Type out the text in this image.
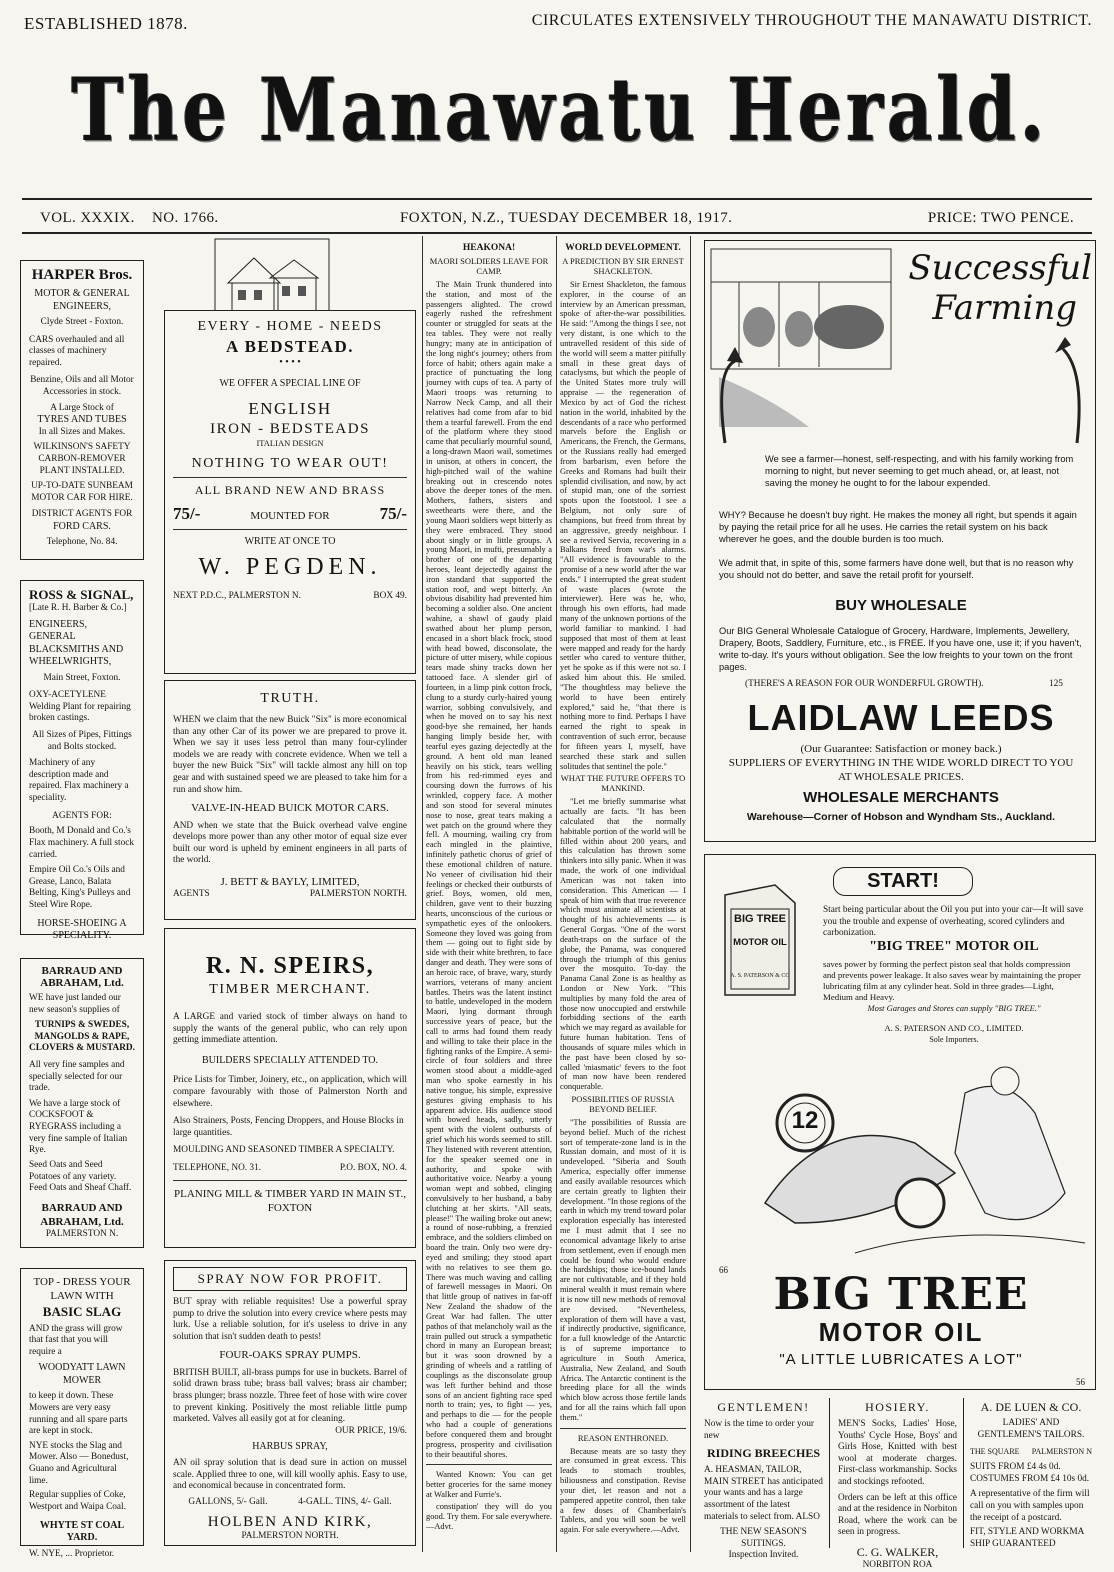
ESTABLISHED 1878.	CIRCULATES EXTENSIVELY THROUGHOUT THE MANAWATU DISTRICT.
The Manawatu Herald.
VOL. XXXIX. NO. 1766.	FOXTON, N.Z., TUESDAY DECEMBER 18, 1917.	PRICE: TWO PENCE.
HARPER Bros.
MOTOR & GENERAL ENGINEERS,
Clyde Street - Foxton.
CARS overhauled and all classes of machinery repaired.
Benzine, Oils and all Motor Accessories in stock.
A Large Stock of
TYRES AND TUBES
In all Sizes and Makes.
WILKINSON'S SAFETY CARBON-REMOVER PLANT INSTALLED.
UP-TO-DATE SUNBEAM MOTOR CAR FOR HIRE.
DISTRICT AGENTS FOR
FORD CARS.
Telephone, No. 84.
ROSS & SIGNAL,
[Late R. H. Barber & Co.]
ENGINEERS, GENERAL BLACKSMITHS AND WHEELWRIGHTS,
Main Street, Foxton.
OXY-ACETYLENE Welding Plant for repairing broken castings.
All Sizes of Pipes, Fittings and Bolts stocked.
Machinery of any description made and repaired. Flax machinery a speciality.
AGENTS FOR:
Booth, M Donald and Co.'s Flax machinery. A full stock carried.
Empire Oil Co.'s Oils and Grease, Lanco, Balata Belting, King's Pulleys and Steel Wire Rope.
HORSE-SHOEING A SPECIALITY.
BARRAUD AND ABRAHAM, Ltd.
WE have just landed our new season's supplies of
TURNIPS & SWEDES, MANGOLDS & RAPE, CLOVERS & MUSTARD.
All very fine samples and specially selected for our trade.
We have a large stock of COCKSFOOT & RYEGRASS including a very fine sample of Italian Rye.
Seed Oats and Seed Potatoes of any variety.
Feed Oats and Sheaf Chaff.
BARRAUD AND ABRAHAM, Ltd.
PALMERSTON N.
TOP - DRESS YOUR LAWN WITH
BASIC SLAG
AND the grass will grow that fast that you will require a
WOODYATT LAWN MOWER
to keep it down. These Mowers are very easy running and all spare parts are kept in stock.
NYE stocks the Slag and Mower. Also — Bonedust, Guano and Agricultural lime.
Regular supplies of Coke, Westport and Waipa Coal.
WHYTE ST COAL YARD.
W. NYE, ... Proprietor.
EVERY - HOME - NEEDS
A BEDSTEAD.
• • • •
WE OFFER A SPECIAL LINE OF
ENGLISH
IRON - BEDSTEADS
ITALIAN DESIGN
NOTHING TO WEAR OUT!
ALL BRAND NEW AND BRASS
75/-	MOUNTED FOR	75/-
WRITE AT ONCE TO
W. PEGDEN.
NEXT P.D.C., PALMERSTON N.	BOX 49.
TRUTH.
WHEN we claim that the new Buick "Six" is more economical than any other Car of its power we are prepared to prove it. When we say it uses less petrol than many four-cylinder models we are ready with concrete evidence. When we tell a buyer the new Buick "Six" will tackle almost any hill on top gear and with sustained speed we are pleased to take him for a run and show him.
VALVE-IN-HEAD BUICK MOTOR CARS.
AND when we state that the Buick overhead valve engine develops more power than any other motor of equal size ever built our word is upheld by eminent engineers in all parts of the world.
J. BETT & BAYLY, LIMITED,
AGENTS	PALMERSTON NORTH.
R. N. SPEIRS,
TIMBER MERCHANT.
A LARGE and varied stock of timber always on hand to supply the wants of the general public, who can rely upon getting immediate attention.
BUILDERS SPECIALLY ATTENDED TO.
Price Lists for Timber, Joinery, etc., on application, which will compare favourably with those of Palmerston North and elsewhere.
Also Strainers, Posts, Fencing Droppers, and House Blocks in large quantities.
MOULDING AND SEASONED TIMBER A SPECIALTY.
TELEPHONE, NO. 31.	P.O. BOX, NO. 4.
PLANING MILL & TIMBER YARD IN MAIN ST., FOXTON
SPRAY NOW FOR PROFIT.
BUT spray with reliable requisites! Use a powerful spray pump to drive the solution into every crevice where pests may lurk. Use a reliable solution, for it's useless to drive in any solution that isn't sudden death to pests!
FOUR-OAKS SPRAY PUMPS.
BRITISH BUILT, all-brass pumps for use in buckets. Barrel of solid drawn brass tube; brass ball valves; brass air chamber; brass plunger; brass nozzle. Three feet of hose with wire cover to prevent kinking. Positively the most reliable little pump marketed. Valves all easily got at for cleaning.
OUR PRICE, 19/6.
HARBUS SPRAY,
AN oil spray solution that is dead sure in action on mussel scale. Applied three to one, will kill woolly aphis. Easy to use, and economical because in concentrated form.
GALLONS, 5/- Gall.	4-GALL. TINS, 4/- Gall.
HOLBEN AND KIRK,
PALMERSTON NORTH.
HEAKONA!
MAORI SOLDIERS LEAVE FOR CAMP.

The Main Trunk thundered into the station, and most of the passengers alighted. The crowd eagerly rushed the refreshment counter or struggled for seats at the tea tables. They were not really hungry; many ate in anticipation of the long night's journey; others from force of habit; others again make a practice of punctuating the long journey with cups of tea. A party of Maori troops was returning to Narrow Neck Camp, and all their relatives had come from afar to bid them a tearful farewell. From the end of the platform where they stood came that peculiarly mournful sound, a long-drawn Maori wail, sometimes in unison, at others in concert, the high-pitched wail of the wahine breaking out in crescendo notes above the deeper tones of the men. Mothers, fathers, sisters and sweethearts were there, and the young Maori soldiers wept bitterly as they were embraced. They stood about singly or in little groups. A young Maori, in mufti, presumably a brother of one of the departing heroes, leant dejectedly against the iron standard that supported the station roof, and wept bitterly. An obvious disability had prevented him becoming a soldier also. One ancient wahine, a shawl of gaudy plaid swathed about her plump person, encased in a short black frock, stood with head bowed, disconsolate, the picture of utter misery, while copious tears made shiny tracks down her tattooed face. A slender girl of fourteen, in a limp pink cotton frock, clung to a sturdy curly-haired young warrior, sobbing convulsively, and when he moved on to say his next good-bye she remained, her hands hanging limply beside her, with tearful eyes gazing dejectedly at the ground. A bent old man leaned heavily on his stick, tears welling from his red-rimmed eyes and coursing down the furrows of his wrinkled, coppery face. A mother and son stood for several minutes nose to nose, great tears making a wet patch on the ground where they fell. A mourning, wailing cry from each mingled in the plaintive, infinitely pathetic chorus of grief of these emotional children of nature. No veneer of civilisation hid their feelings or checked their outbursts of grief. Boys, women, old men, children, gave vent to their buzzing hearts, unconscious of the curious or sympathetic eyes of the onlookers. Someone they loved was going from them — going out to fight side by side with their white brethren, to face danger and death. They were sons of an heroic race, of brave, wary, sturdy warriors, veterans of many ancient battles. Theirs was the latent instinct to battle, undeveloped in the modern Maori, lying dormant through successive years of peace, but the call to arms had found them ready and willing to take their place in the fighting ranks of the Empire. A semi-circle of four soldiers and three women stood about a middle-aged man who spoke earnestly in his native tongue, his simple, expressive gestures giving emphasis to his apparent advice. His audience stood with bowed heads, sadly, utterly spent with the violent outbursts of grief which his words seemed to still. They listened with reverent attention, for the speaker seemed one in authority, and spoke with authoritative voice. Nearby a young woman wept and sobbed, clinging convulsively to her husband, a baby clutching at her skirts. "All seats, please!" The wailing broke out anew; a round of nose-rubbing, a frenzied embrace, and the soldiers climbed on board the train. Only two were dry-eyed and smiling; they stood apart with no relatives to see them go. There was much waving and calling of farewell messages in Maori. On that little group of natives in far-off New Zealand the shadow of the Great War had fallen. The utter pathos of that melancholy wail as the train pulled out struck a sympathetic chord in many an European breast; but it was soon drowned by a grinding of wheels and a rattling of couplings as the disconsolate group was left further behind and those sons of an ancient fighting race sped north to train; yes, to fight — yes, and perhaps to die — for the people who had a couple of generations before conquered them and brought progress, prosperity and civilisation to their beautiful shores.

Wanted Known: You can get better groceries for the same money at Walker and Furrie's.

constipation' they will do you good. Try them. For sale everywhere.—Advt.

WORLD DEVELOPMENT.
A PREDICTION BY SIR ERNEST SHACKLETON.

Sir Ernest Shackleton, the famous explorer, in the course of an interview by an American pressman, spoke of after-the-war possibilities. He said: "Among the things I see, not very distant, is one which to the untravelled resident of this side of the world will seem a matter pitifully small in these great days of cataclysms, but which the people of the United States more truly will appraise — the regeneration of Mexico by act of God the richest nation in the world, inhabited by the descendants of a race who performed marvels before the English or Americans, the French, the Germans, or the Russians really had emerged from barbarism, even before the Greeks and Romans had built their splendid civilisation, and now, by act of stupid man, one of the sorriest spots upon the footstool. I see a Belgium, not only sure of champions, but freed from threat by an aggressive, greedy neighbour. I see a revived Servia, recovering in a Balkans freed from war's alarms. "All evidence is favourable to the promise of a new world after the war ends." I interrupted the great student of waste places (wrote the interviewer). Here was he, who, through his own efforts, had made many of the unknown portions of the world familiar to mankind. I had supposed that most of them at least were mapped and ready for the hardy settler who cared to venture thither, yet he spoke as if this were not so. I asked him about this. He smiled. "The thoughtless may believe the world to have been entirely explored," said he, "that there is nothing more to find. Perhaps I have earned the right to speak in contravention of such error, because for fifteen years I, myself, have searched these stark and sullen solitudes that sentinel the pole."

WHAT THE FUTURE OFFERS TO MANKIND.

"Let me briefly summarise what actually are facts. "It has been calculated that the normally habitable portion of the world will be filled within about 200 years, and this calculation has thrown some thinkers into silly panic. When it was made, the work of one individual American was not taken into consideration. This American — I speak of him with that true reverence which must animate all scientists at thought of his achievements — is General Gorgas. "One of the worst death-traps on the surface of the globe, the Panama, was conquered through the triumph of this genius over the mosquito. To-day the Panama Canal Zone is as healthy as London or New York. "This multiplies by many fold the area of those now unoccupied and erstwhile forbidding sections of the earth which we may regard as available for future human habitation. Tens of thousands of square miles which in the past have been closed by so-called 'miasmatic' fevers to the foot of man now have been rendered conquerable.

POSSIBILITIES OF RUSSIA BEYOND BELIEF.

"The possibilities of Russia are beyond belief. Much of the richest sort of temperate-zone land is in the Russian domain, and most of it is undeveloped. "Siberia and South America, especially offer immense and easily available resources which are certain greatly to lighten their development. "In those regions of the earth in which my trend toward polar exploration especially has interested me I must admit that I see no economical advantage likely to arise from settlement, even if enough men could be found who would endure the hardships; those ice-bound lands are not cultivatable, and if they hold mineral wealth it must remain where it is now till new methods of removal are devised. "Nevertheless, exploration of them will have a vast, if indirectly productive, significance, for a full knowledge of the Antarctic is of supreme importance to agriculture in South America, Australia, New Zealand, and South Africa. The Antarctic continent is the breeding place for all the winds which blow across those fertile lands and for all the rains which fall upon them."

REASON ENTHRONED.

Because meats are so tasty they are consumed in great excess. This leads to stomach troubles, biliousness and constipation. Revise your diet, let reason and not a pampered appetite control, then take a few doses of Chamberlain's Tablets, and you will soon be well again. For sale everywhere.—Advt.

Successful
Farming
We see a farmer—honest, self-respecting, and with his family working from morning to night, but never seeming to get much ahead, or, at least, not saving the money he ought to for the labour expended.
WHY? Because he doesn't buy right. He makes the money all right, but spends it again by paying the retail price for all he uses. He carries the retail system on his back wherever he goes, and the double burden is too much.
We admit that, in spite of this, some farmers have done well, but that is no reason why you should not do better, and save the retail profit for yourself.
BUY WHOLESALE
Our BIG General Wholesale Catalogue of Grocery, Hardware, Implements, Jewellery, Drapery, Boots, Saddlery, Furniture, etc., is FREE. If you have one, use it; if you haven't, write to-day. It's yours without obligation. See the low freights to your town on the front pages.
(THERE'S A REASON FOR OUR WONDERFUL GROWTH).	125
LAIDLAW LEEDS
(Our Guarantee: Satisfaction or money back.)
SUPPLIERS OF EVERYTHING IN THE WIDE WORLD DIRECT TO YOU AT WHOLESALE PRICES.
WHOLESALE MERCHANTS
Warehouse—Corner of Hobson and Wyndham Sts., Auckland.
START!
BIG TREE
MOTOR OIL
A. S. PATERSON & CO
Start being particular about the Oil you put into your car—It will save you the trouble and expense of overheating, scored cylinders and carbonization.
"BIG TREE" MOTOR OIL
saves power by forming the perfect piston seal that holds compression and prevents power leakage. It also saves wear by maintaining the proper lubricating film at any cylinder heat. Sold in three grades—Light, Medium and Heavy.
Most Garages and Stores can supply "BIG TREE."
A. S. PATERSON AND CO., LIMITED.
Sole Importers.
12
66	BIG TREE
MOTOR OIL
"A LITTLE LUBRICATES A LOT"
56
GENTLEMEN!
Now is the time to order your new
RIDING BREECHES
A. HEASMAN, TAILOR, MAIN STREET has anticipated your wants and has a large assortment of the latest materials to select from. ALSO
THE NEW SEASON'S SUITINGS.
Inspection Invited.
HOSIERY.
MEN'S Socks, Ladies' Hose, Youths' Cycle Hose, Boys' and Girls Hose, Knitted with best wool at moderate charges. First-class workmanship. Socks and stockings refooted.
Orders can be left at this office and at the residence in Norbiton Road, where the work can be seen in progress.
C. G. WALKER,
NORBITON ROA
A. DE LUEN & CO.
LADIES' AND GENTLEMEN'S TAILORS.
THE SQUARE PALMERSTON N
SUITS FROM £4 4s 0d.
COSTUMES FROM £4 10s 0d.
A representative of the firm will call on you with samples upon the receipt of a postcard.
FIT, STYLE AND WORKMA SHIP GUARANTEED
